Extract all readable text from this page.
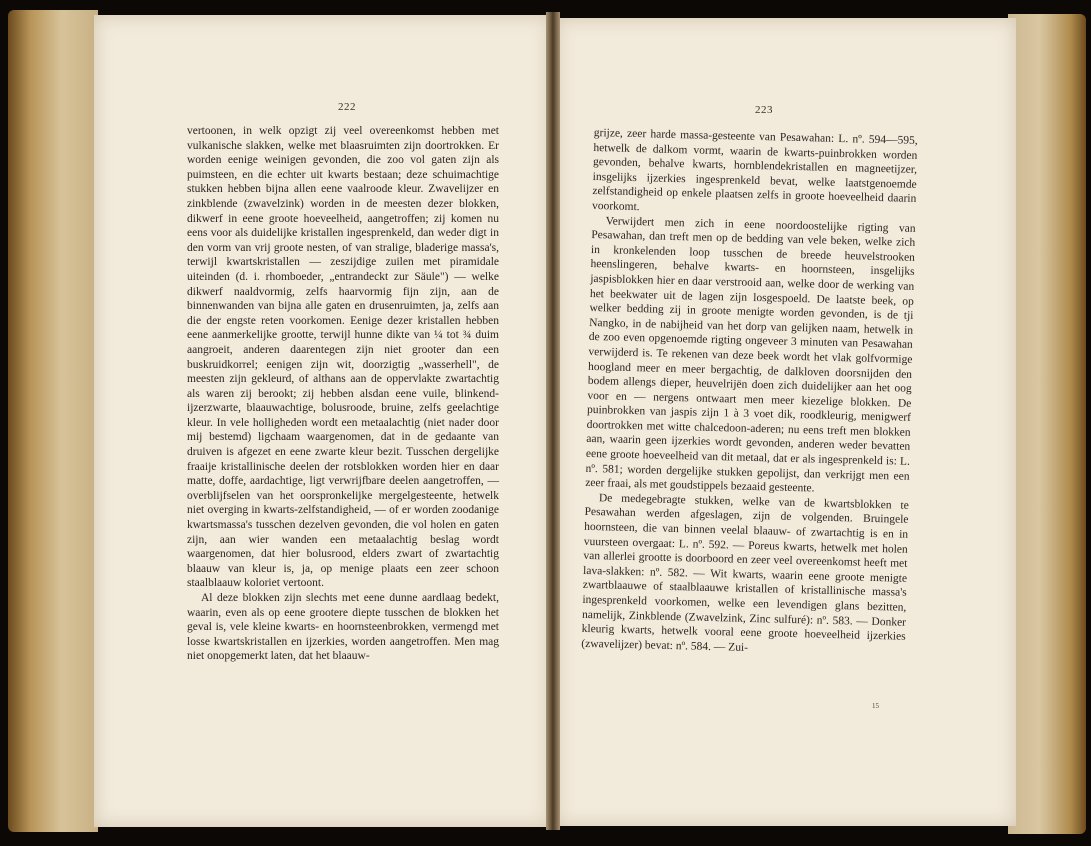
222	223

vertoonen, in welk opzigt zij veel overeenkomst hebben met vulkanische slakken, welke met blaasruimten zijn doortrokken. Er worden eenige weinigen gevonden, die zoo vol gaten zijn als puimsteen, en die echter uit kwarts bestaan; deze schuimachtige stukken hebben bijna allen eene vaalroode kleur. Zwavelijzer en zinkblende (zwavelzink) worden in de meesten dezer blokken, dikwerf in eene groote hoeveelheid, aangetroffen; zij komen nu eens voor als duidelijke kristallen ingesprenkeld, dan weder digt in den vorm van vrij groote nesten, of van stralige, bladerige massa's, terwijl kwartskristallen — zeszijdige zuilen met piramidale uiteinden (d. i. rhomboeder, „entrandeckt zur Säule") — welke dikwerf naaldvormig, zelfs haarvormig fijn zijn, aan de binnenwanden van bijna alle gaten en drusenruimten, ja, zelfs aan die der engste reten voorkomen. Eenige dezer kristallen hebben eene aanmerkelijke grootte, terwijl hunne dikte van ¼ tot ¾ duim aangroeit, anderen daarentegen zijn niet grooter dan een buskruidkorrel; eenigen zijn wit, doorzigtig „wasserhell", de meesten zijn gekleurd, of althans aan de oppervlakte zwartachtig als waren zij berookt; zij hebben alsdan eene vuile, blinkend-ijzerzwarte, blaauwachtige, bolusroode, bruine, zelfs geelachtige kleur. In vele holligheden wordt een metaalachtig (niet nader door mij bestemd) ligchaam waargenomen, dat in de gedaante van druiven is afgezet en eene zwarte kleur bezit. Tusschen dergelijke fraaije kristallinische deelen der rotsblokken worden hier en daar matte, doffe, aardachtige, ligt verwrijfbare deelen aangetroffen, — overblijfselen van het oorspronkelijke mergelgesteente, hetwelk niet overging in kwarts-zelfstandigheid, — of er worden zoodanige kwartsmassa's tusschen dezelven gevonden, die vol holen en gaten zijn, aan wier wanden een metaalachtig beslag wordt waargenomen, dat hier bolusrood, elders zwart of zwartachtig blaauw van kleur is, ja, op menige plaats een zeer schoon staalblaauw koloriet vertoont.

Al deze blokken zijn slechts met eene dunne aardlaag bedekt, waarin, even als op eene grootere diepte tusschen de blokken het geval is, vele kleine kwarts- en hoornsteenbrokken, vermengd met losse kwartskristallen en ijzerkies, worden aangetroffen. Men mag niet onopgemerkt laten, dat het blaauw-

grijze, zeer harde massa-gesteente van Pesawahan: L. nº. 594—595, hetwelk de dalkom vormt, waarin de kwarts-puinbrokken worden gevonden, behalve kwarts, hornblendekristallen en magneetijzer, insgelijks ijzerkies ingesprenkeld bevat, welke laatstgenoemde zelfstandigheid op enkele plaatsen zelfs in groote hoeveelheid daarin voorkomt.

Verwijdert men zich in eene noordoostelijke rigting van Pesawahan, dan treft men op de bedding van vele beken, welke zich in kronkelenden loop tusschen de breede heuvelstrooken heenslingeren, behalve kwarts- en hoornsteen, insgelijks jaspisblokken hier en daar verstrooid aan, welke door de werking van het beekwater uit de lagen zijn losgespoeld. De laatste beek, op welker bedding zij in groote menigte worden gevonden, is de tji Nangko, in de nabijheid van het dorp van gelijken naam, hetwelk in de zoo even opgenoemde rigting ongeveer 3 minuten van Pesawahan verwijderd is. Te rekenen van deze beek wordt het vlak golfvormige hoogland meer en meer bergachtig, de dalkloven doorsnijden den bodem allengs dieper, heuvelrijën doen zich duidelijker aan het oog voor en — nergens ontwaart men meer kiezelige blokken. De puinbrokken van jaspis zijn 1 à 3 voet dik, roodkleurig, menigwerf doortrokken met witte chalcedoon-aderen; nu eens treft men blokken aan, waarin geen ijzerkies wordt gevonden, anderen weder bevatten eene groote hoeveelheid van dit metaal, dat er als ingesprenkeld is: L. nº. 581; worden dergelijke stukken gepolijst, dan verkrijgt men een zeer fraai, als met goudstippels bezaaid gesteente.

De medegebragte stukken, welke van de kwartsblokken te Pesawahan werden afgeslagen, zijn de volgenden. Bruingele hoornsteen, die van binnen veelal blaauw- of zwartachtig is en in vuursteen overgaat: L. nº. 592. — Poreus kwarts, hetwelk met holen van allerlei grootte is doorboord en zeer veel overeenkomst heeft met lava-slakken: nº. 582. — Wit kwarts, waarin eene groote menigte zwartblaauwe of staalblaauwe kristallen of kristallinische massa's ingesprenkeld voorkomen, welke een levendigen glans bezitten, namelijk, Zinkblende (Zwavelzink, Zinc sulfuré): nº. 583. — Donker kleurig kwarts, hetwelk vooral eene groote hoeveelheid ijzerkies (zwavelijzer) bevat: nº. 584. — Zui-

15
